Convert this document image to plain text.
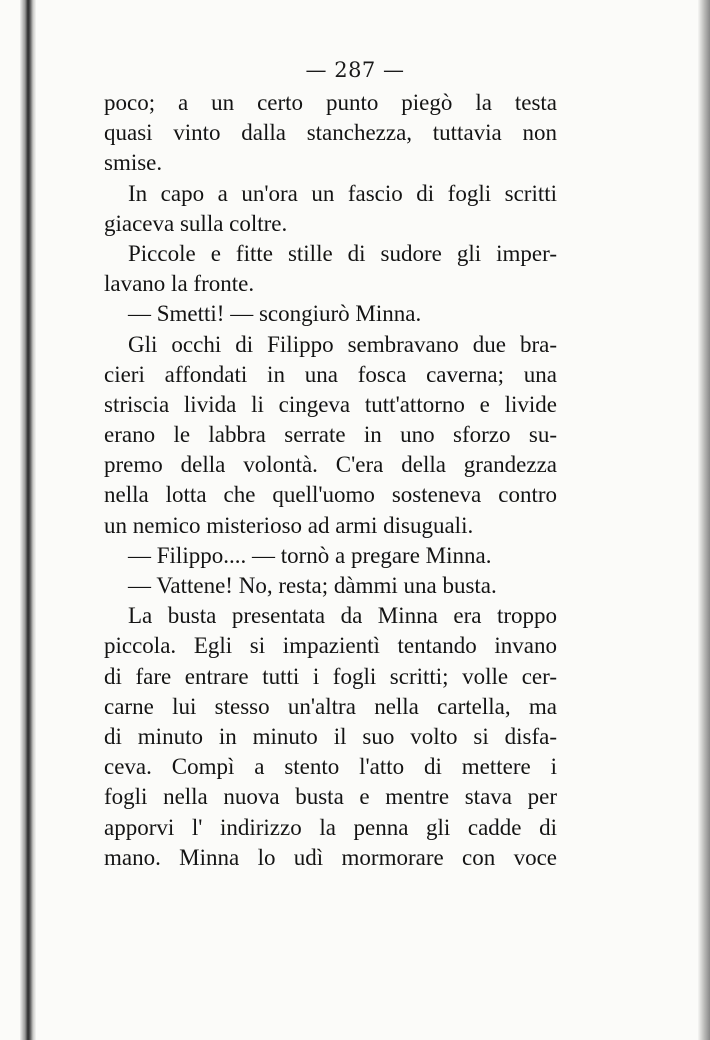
— 287 —
poco; a un certo punto piegò la testa
quasi vinto dalla stanchezza, tuttavia non
smise.
In capo a un'ora un fascio di fogli scritti
giaceva sulla coltre.
Piccole e fitte stille di sudore gli imper-
lavano la fronte.
— Smetti! — scongiurò Minna.
Gli occhi di Filippo sembravano due bra-
cieri affondati in una fosca caverna; una
striscia livida li cingeva tutt'attorno e livide
erano le labbra serrate in uno sforzo su-
premo della volontà. C'era della grandezza
nella lotta che quell'uomo sosteneva contro
un nemico misterioso ad armi disuguali.
— Filippo.... — tornò a pregare Minna.
— Vattene! No, resta; dàmmi una busta.
La busta presentata da Minna era troppo
piccola. Egli si impazientì tentando invano
di fare entrare tutti i fogli scritti; volle cer-
carne lui stesso un'altra nella cartella, ma
di minuto in minuto il suo volto si disfa-
ceva. Compì a stento l'atto di mettere i
fogli nella nuova busta e mentre stava per
apporvi l' indirizzo la penna gli cadde di
mano. Minna lo udì mormorare con voce
